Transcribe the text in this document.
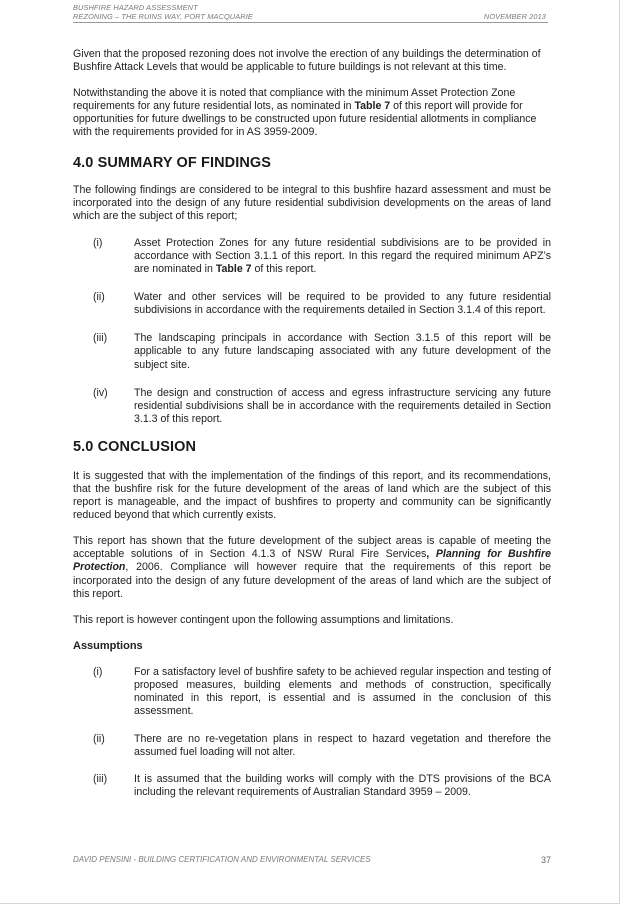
BUSHFIRE HAZARD ASSESSMENT
REZONING – THE RUINS WAY, PORT MACQUARIE	NOVEMBER 2013

Given that the proposed rezoning does not involve the erection of any buildings the determination of Bushfire Attack Levels that would be applicable to future buildings is not relevant at this time.

Notwithstanding the above it is noted that compliance with the minimum Asset Protection Zone requirements for any future residential lots, as nominated in Table 7 of this report will provide for opportunities for future dwellings to be constructed upon future residential allotments in compliance with the requirements provided for in AS 3959-2009.

4.0 SUMMARY OF FINDINGS

The following findings are considered to be integral to this bushfire hazard assessment and must be incorporated into the design of any future residential subdivision developments on the areas of land which are the subject of this report;

(i)	Asset Protection Zones for any future residential subdivisions are to be provided in accordance with Section 3.1.1 of this report. In this regard the required minimum APZ’s are nominated in Table 7 of this report.
(ii)	Water and other services will be required to be provided to any future residential subdivisions in accordance with the requirements detailed in Section 3.1.4 of this report.
(iii)	The landscaping principals in accordance with Section 3.1.5 of this report will be applicable to any future landscaping associated with any future development of the subject site.
(iv)	The design and construction of access and egress infrastructure servicing any future residential subdivisions shall be in accordance with the requirements detailed in Section 3.1.3 of this report.
5.0 CONCLUSION

It is suggested that with the implementation of the findings of this report, and its recommendations, that the bushfire risk for the future development of the areas of land which are the subject of this report is manageable, and the impact of bushfires to property and community can be significantly reduced beyond that which currently exists.

This report has shown that the future development of the subject areas is capable of meeting the acceptable solutions of in Section 4.1.3 of NSW Rural Fire Services, Planning for Bushfire Protection, 2006. Compliance will however require that the requirements of this report be incorporated into the design of any future development of the areas of land which are the subject of this report.

This report is however contingent upon the following assumptions and limitations.

Assumptions
(i)	For a satisfactory level of bushfire safety to be achieved regular inspection and testing of proposed measures, building elements and methods of construction, specifically nominated in this report, is essential and is assumed in the conclusion of this assessment.
(ii)	There are no re-vegetation plans in respect to hazard vegetation and therefore the assumed fuel loading will not alter.
(iii)	It is assumed that the building works will comply with the DTS provisions of the BCA including the relevant requirements of Australian Standard 3959 – 2009.
DAVID PENSINI - BUILDING CERTIFICATION AND ENVIRONMENTAL SERVICES	37
